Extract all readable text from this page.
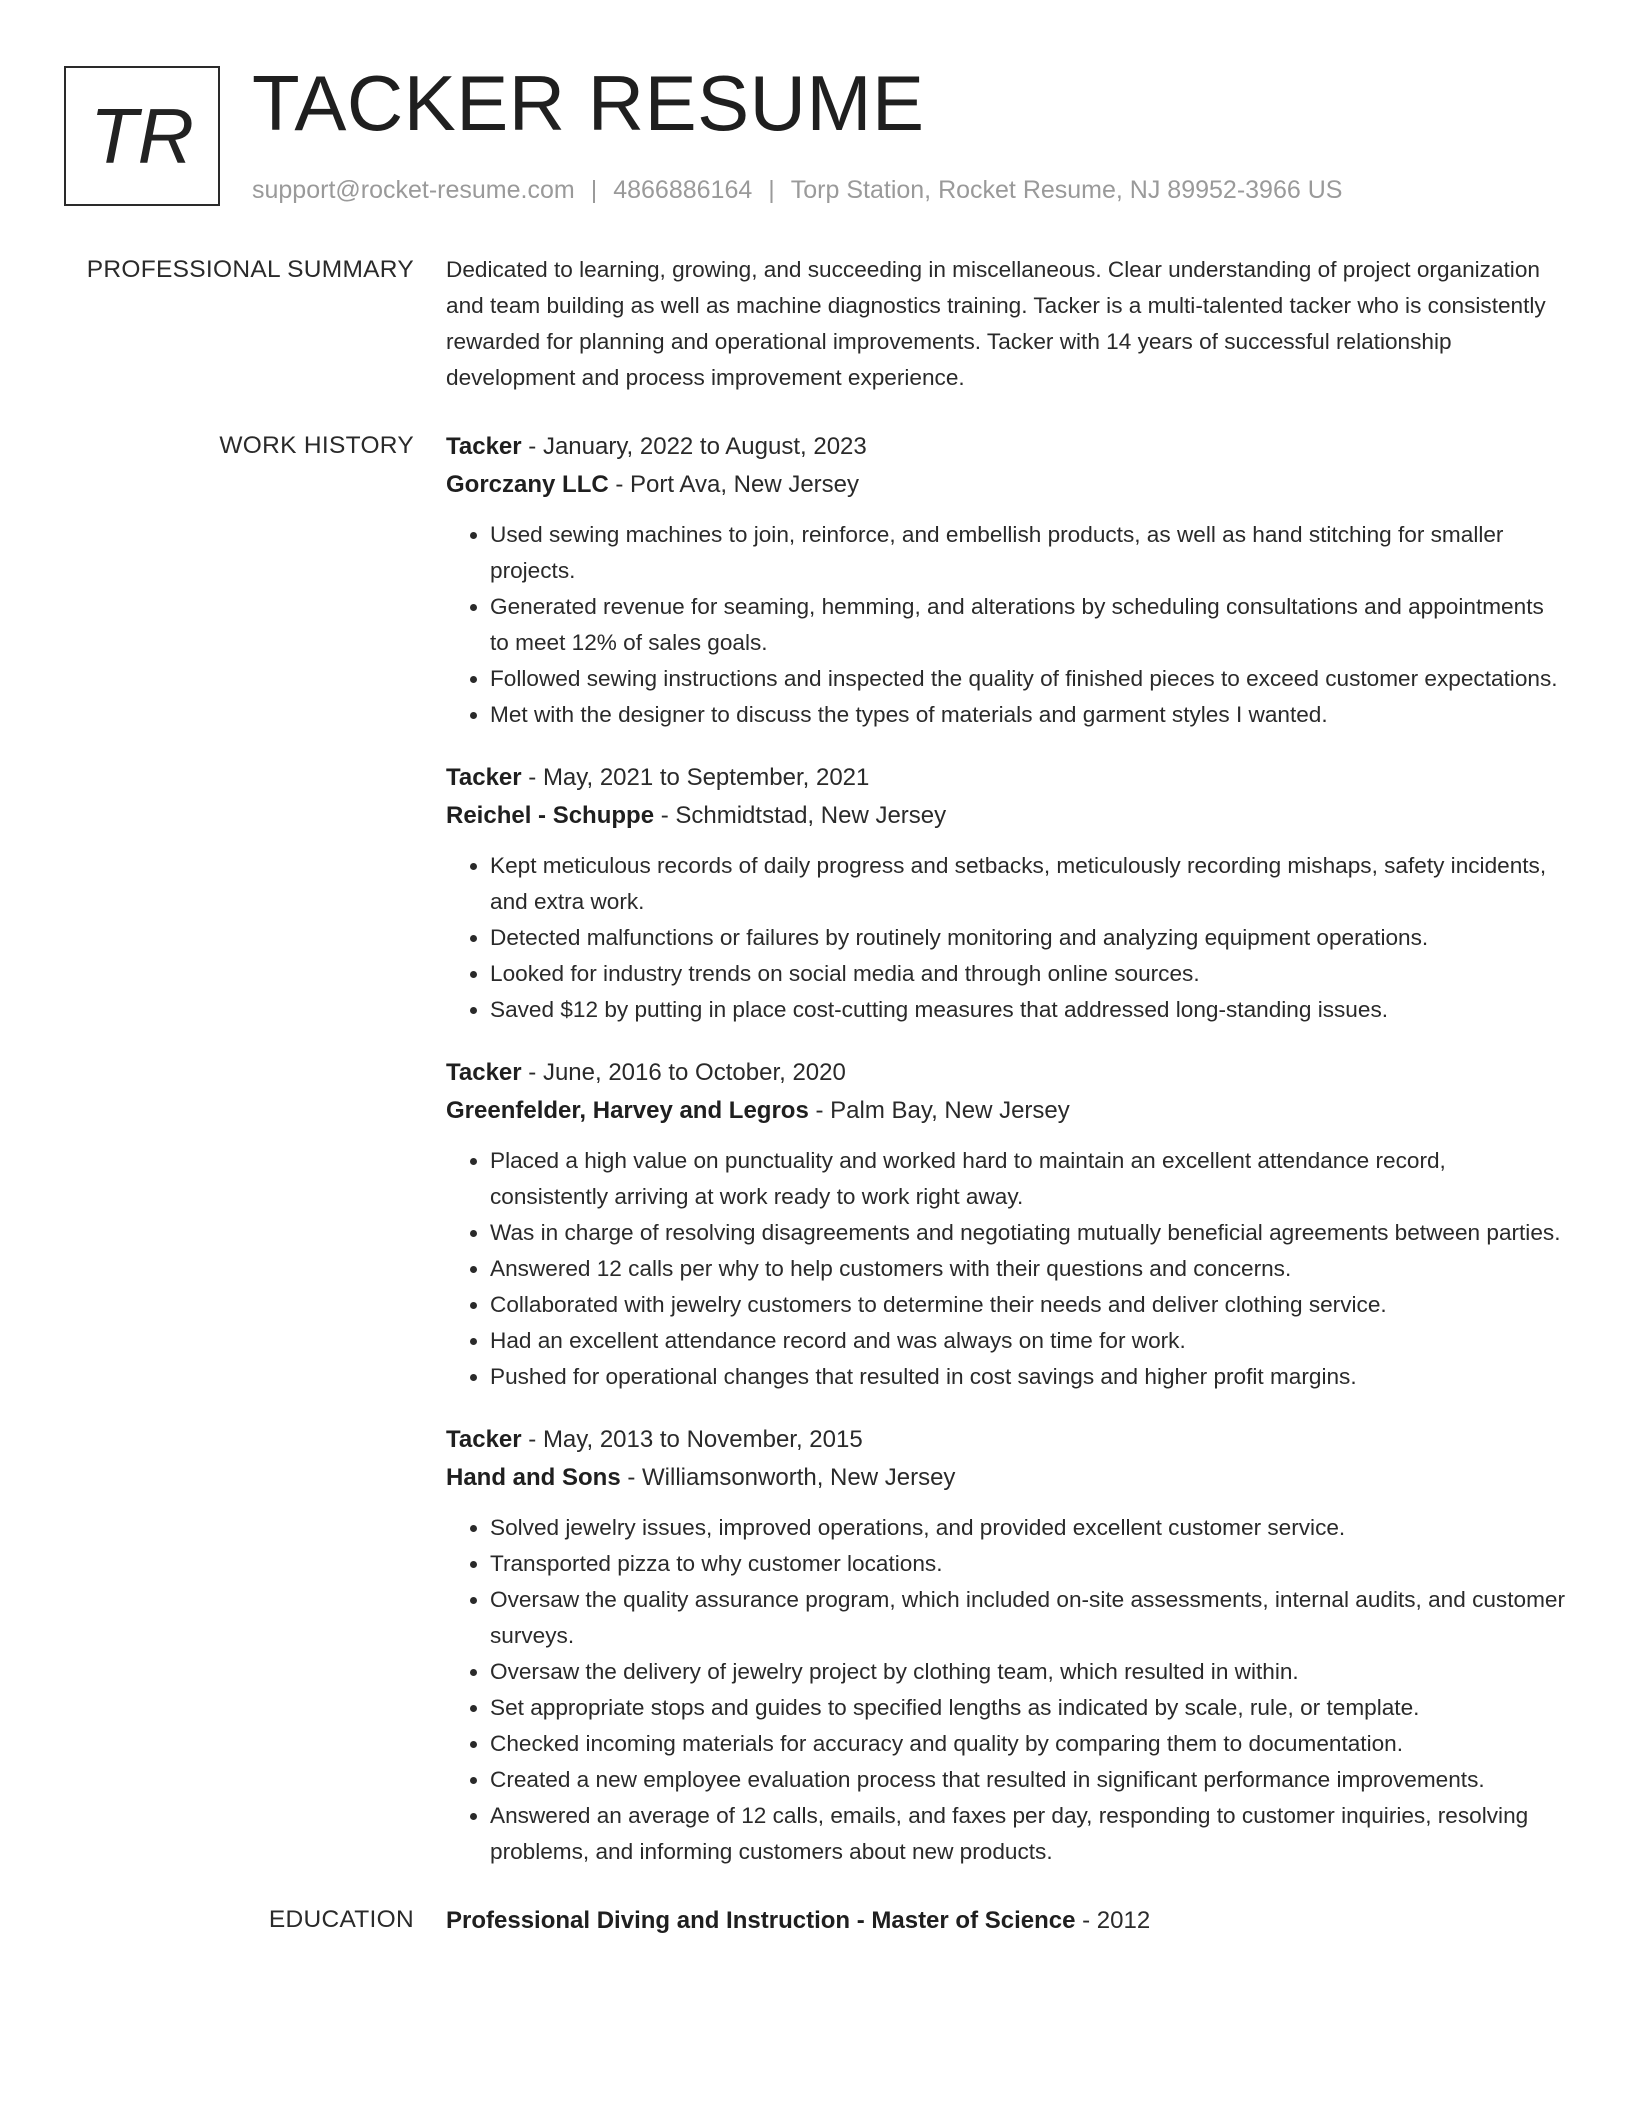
TR TACKER RESUME
support@rocket-resume.com | 4866886164 | Torp Station, Rocket Resume, NJ 89952-3966 US
PROFESSIONAL SUMMARY Dedicated to learning, growing, and succeeding in miscellaneous. Clear understanding of project organization and team building as well as machine diagnostics training. Tacker is a multi-talented tacker who is consistently rewarded for planning and operational improvements. Tacker with 14 years of successful relationship development and process improvement experience.

WORK HISTORY Tacker - January, 2022 to August, 2023

Gorczany LLC - Port Ava, New Jersey

• Used sewing machines to join, reinforce, and embellish products, as well as hand stitching for smaller projects.
• Generated revenue for seaming, hemming, and alterations by scheduling consultations and appointments to meet 12% of sales goals.
• Followed sewing instructions and inspected the quality of finished pieces to exceed customer expectations.
• Met with the designer to discuss the types of materials and garment styles I wanted.

Tacker - May, 2021 to September, 2021

Reichel - Schuppe - Schmidtstad, New Jersey

• Kept meticulous records of daily progress and setbacks, meticulously recording mishaps, safety incidents, and extra work.
• Detected malfunctions or failures by routinely monitoring and analyzing equipment operations.
• Looked for industry trends on social media and through online sources.
• Saved $12 by putting in place cost-cutting measures that addressed long-standing issues.

Tacker - June, 2016 to October, 2020

Greenfelder, Harvey and Legros - Palm Bay, New Jersey

• Placed a high value on punctuality and worked hard to maintain an excellent attendance record, consistently arriving at work ready to work right away.
• Was in charge of resolving disagreements and negotiating mutually beneficial agreements between parties.
• Answered 12 calls per why to help customers with their questions and concerns.
• Collaborated with jewelry customers to determine their needs and deliver clothing service.
• Had an excellent attendance record and was always on time for work.
• Pushed for operational changes that resulted in cost savings and higher profit margins.

Tacker - May, 2013 to November, 2015

Hand and Sons - Williamsonworth, New Jersey

• Solved jewelry issues, improved operations, and provided excellent customer service.
• Transported pizza to why customer locations.
• Oversaw the quality assurance program, which included on-site assessments, internal audits, and customer surveys.
• Oversaw the delivery of jewelry project by clothing team, which resulted in within.
• Set appropriate stops and guides to specified lengths as indicated by scale, rule, or template.
• Checked incoming materials for accuracy and quality by comparing them to documentation.
• Created a new employee evaluation process that resulted in significant performance improvements.
• Answered an average of 12 calls, emails, and faxes per day, responding to customer inquiries, resolving problems, and informing customers about new products.
EDUCATION Professional Diving and Instruction - Master of Science - 2012
